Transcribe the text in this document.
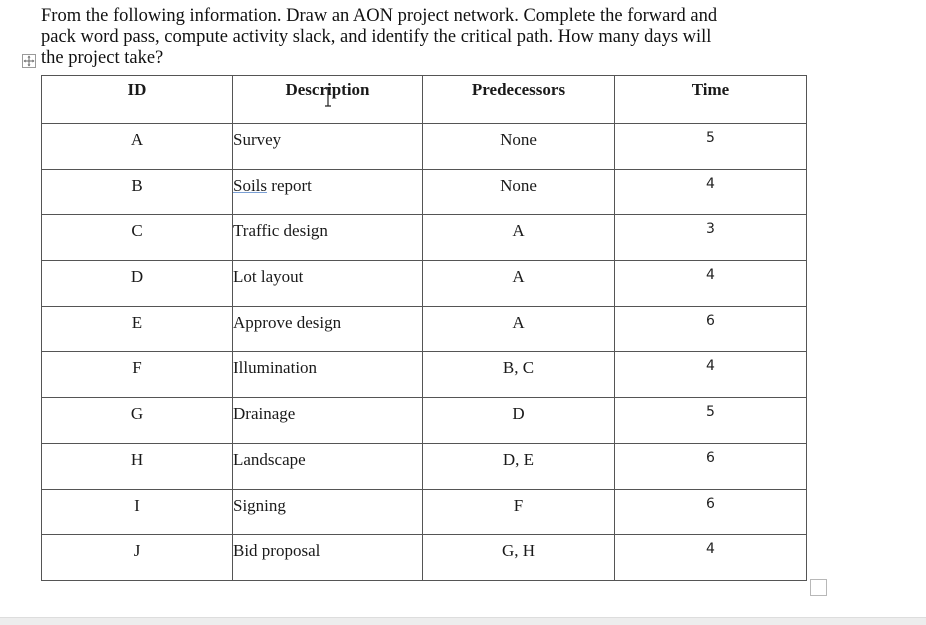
From the following information. Draw an AON project network. Complete the forward and
pack word pass, compute activity slack, and identify the critical path. How many days will
the project take?
ID	Description	Predecessors	Time
A	Survey	None	5
B	Soils report	None	4
C	Traffic design	A	3
D	Lot layout	A	4
E	Approve design	A	6
F	Illumination	B, C	4
G	Drainage	D	5
H	Landscape	D, E	6
I	Signing	F	6
J	Bid proposal	G, H	4
